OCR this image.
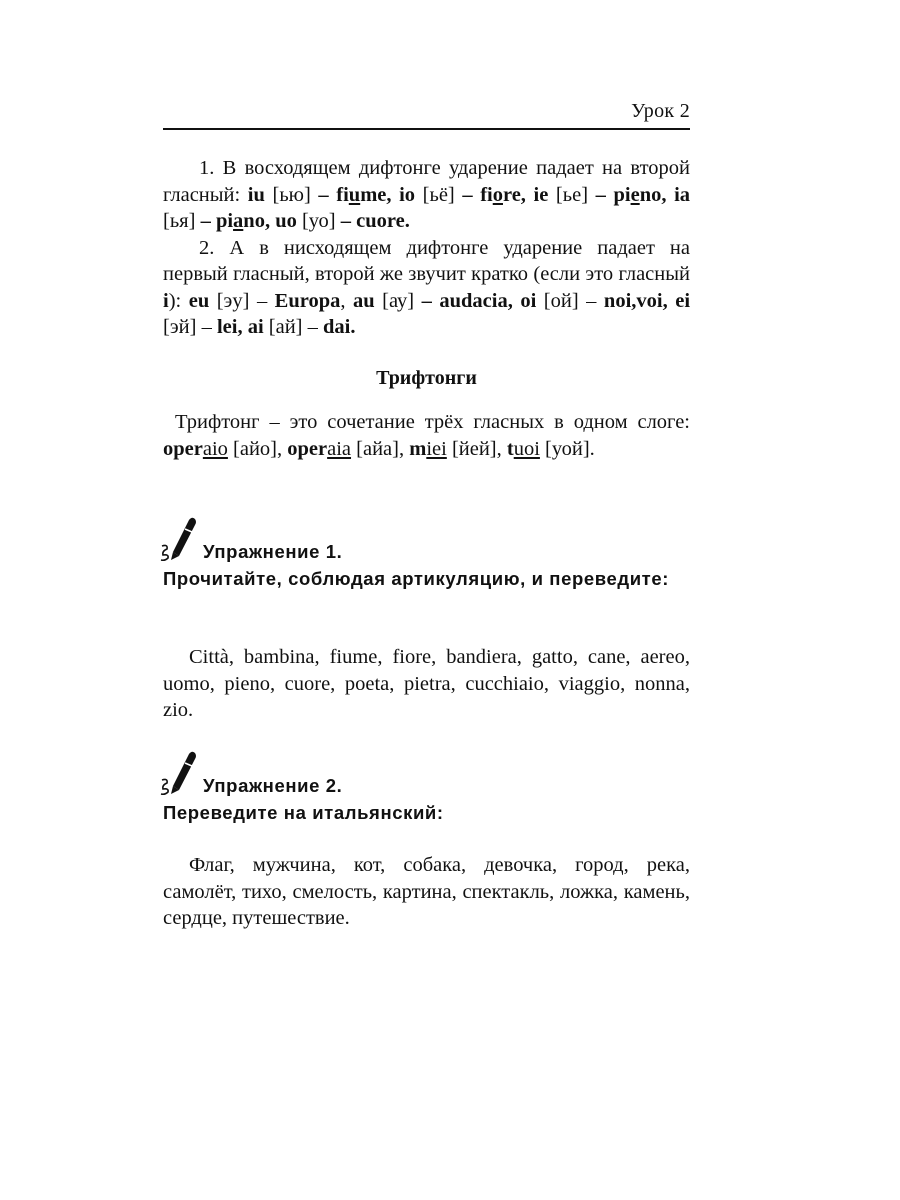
Урок 2

1. В восходящем дифтонге ударение падает на второй гласный: iu [ью] – fiume, io [ьё] – fiore, ie [ье] – pieno, ia [ья] – piano, uo [уо] – cuore.

2. А в нисходящем дифтонге ударение падает на первый гласный, второй же звучит кратко (если это гласный i): eu [эу] – Europa, au [ау] – audacia, oi [ой] – noi,voi, ei [эй] – lei, ai [ай] – dai.

Трифтонги

Трифтонг – это сочетание трёх гласных в одном слоге: operaio [айо], operaia [айа], miei [йей], tuoi [уой].

Упражнение 1.
Прочитайте, соблюдая артикуляцию, и переведите:

Città, bambina, fiume, fiore, bandiera, gatto, cane, aereo, uomo, pieno, cuore, poeta, pietra, cucchiaio, viaggio, nonna, zio.

Упражнение 2.
Переведите на итальянский:

Флаг, мужчина, кот, собака, девочка, город, река, самолёт, тихо, смелость, картина, спектакль, ложка, камень, сердце, путешествие.
